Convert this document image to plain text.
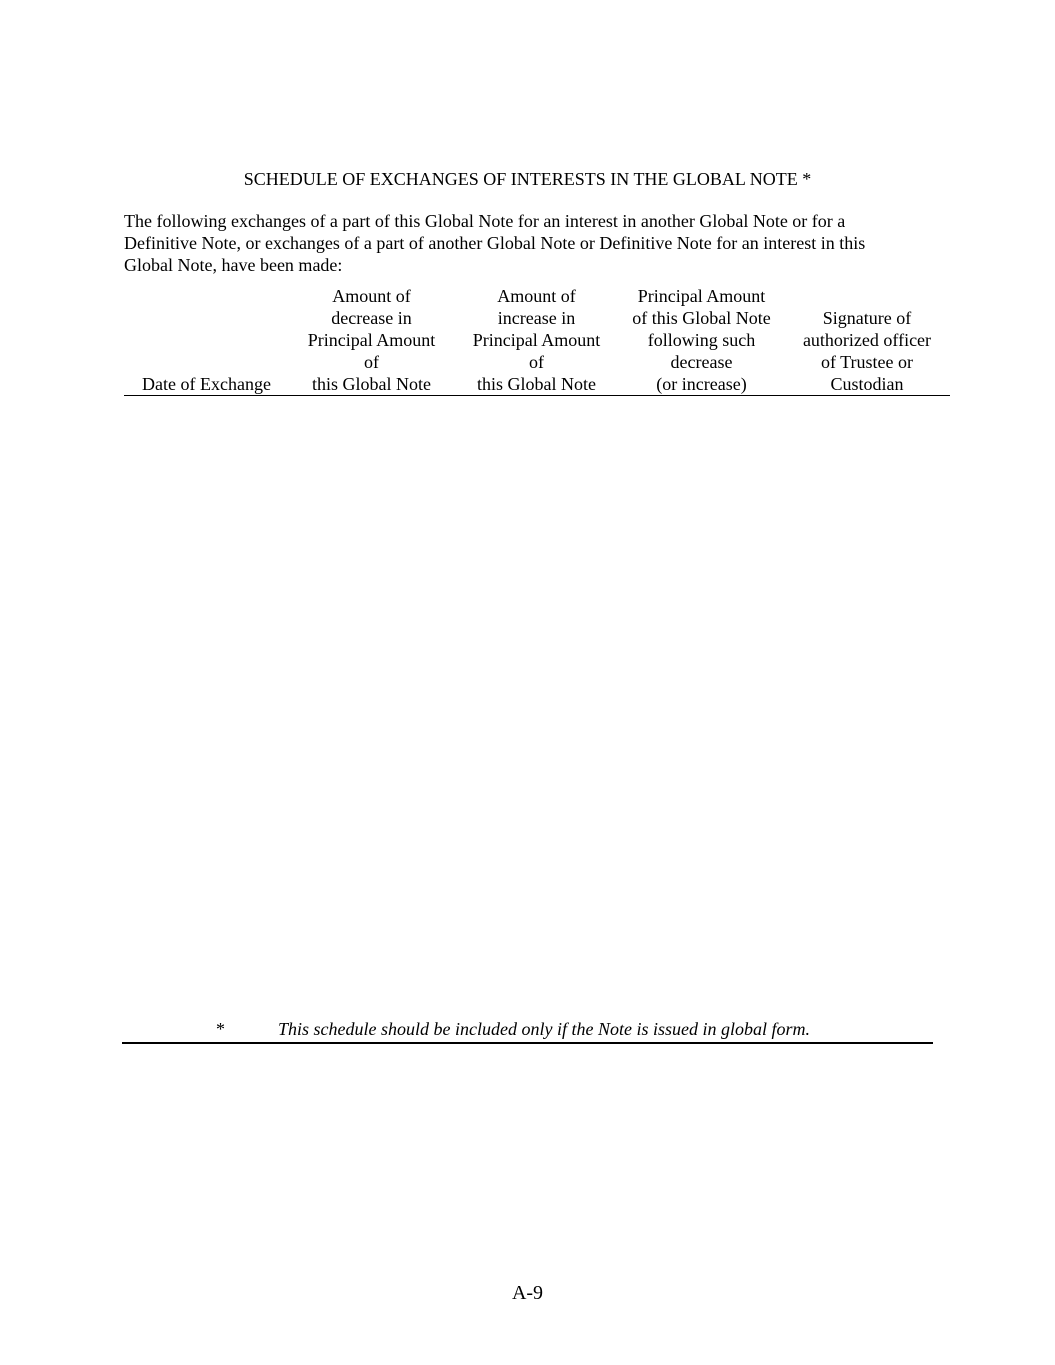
SCHEDULE OF EXCHANGES OF INTERESTS IN THE GLOBAL NOTE *

The following exchanges of a part of this Global Note for an interest in another Global Note or for a

Definitive Note, or exchanges of a part of another Global Note or Definitive Note for an interest in this

Global Note, have been made:

Date of Exchange

Amount of
decrease in
Principal Amount
of
this Global Note

Amount of
increase in
Principal Amount
of
this Global Note

Principal Amount
of this Global Note
following such
decrease
(or increase)

Signature of
authorized officer
of Trustee or
Custodian
*	This schedule should be included only if the Note is issued in global form.
A-9
